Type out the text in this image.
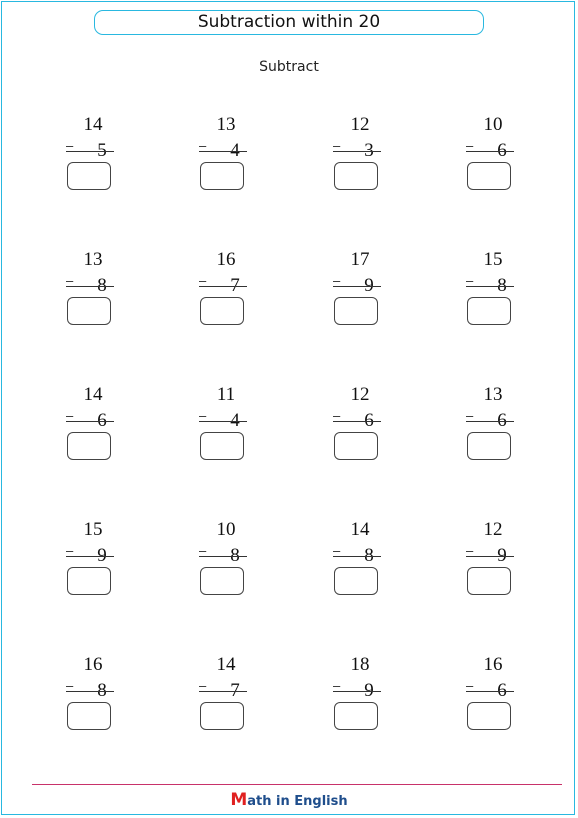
Subtraction within 20
Subtract
14
– 5
13
– 4
12
– 3
10
– 6
13
– 8
16
– 7
17
– 9
15
– 8
14
– 6
11
– 4
12
– 6
13
– 6
15
– 9
10
– 8
14
– 8
12
– 9
16
– 8
14
– 7
18
– 9
16
– 6
Math in English
